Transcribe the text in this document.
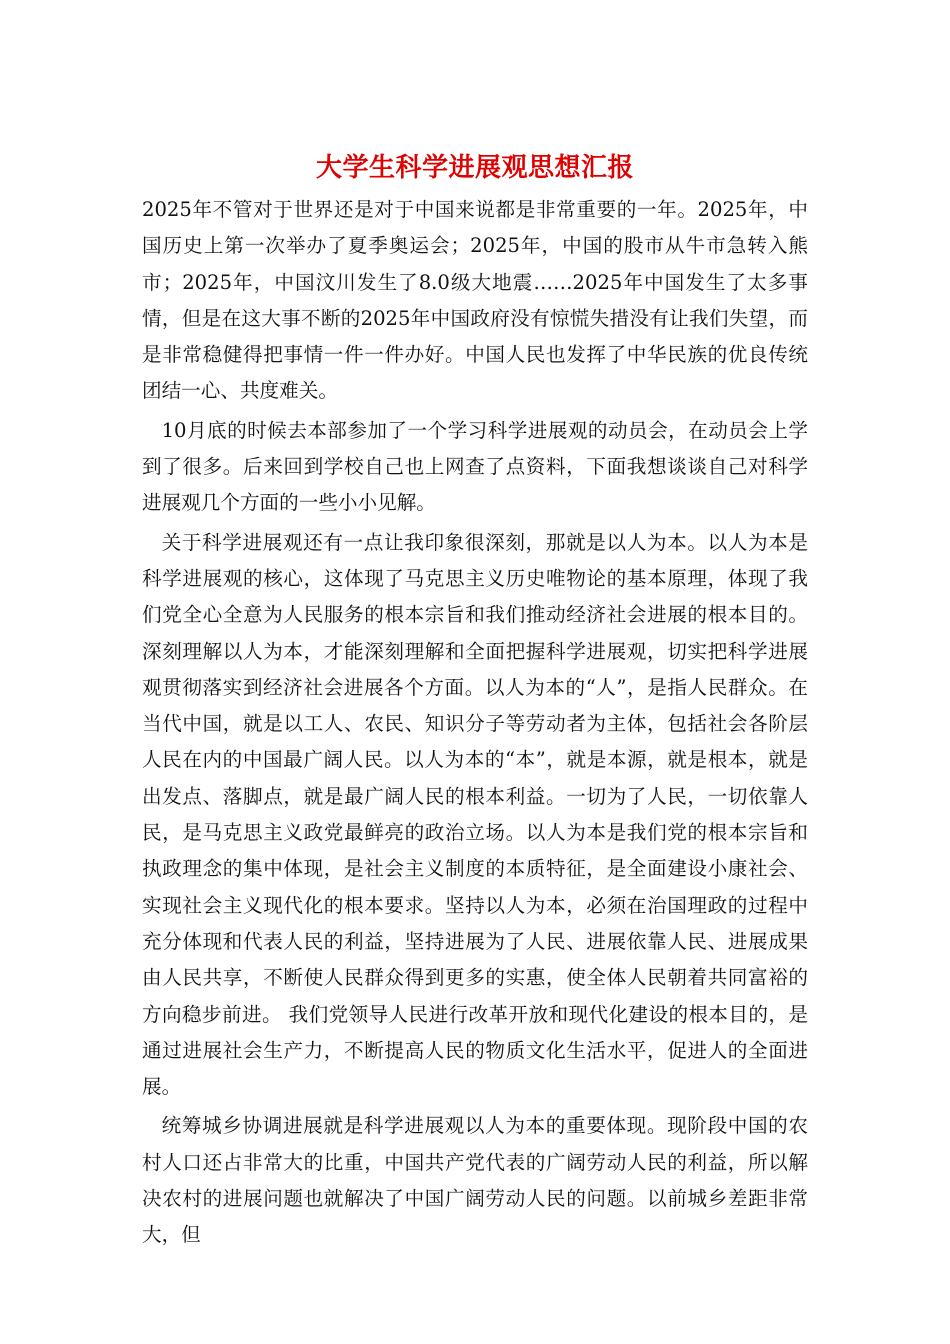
大学生科学进展观思想汇报

2025年不管对于世界还是对于中国来说都是非常重要的一年。2025年，中国历史上第一次举办了夏季奥运会；2025年，中国的股市从牛市急转入熊市；2025年，中国汶川发生了8.0级大地震……2025年中国发生了太多事情，但是在这大事不断的2025年中国政府没有惊慌失措没有让我们失望，而是非常稳健得把事情一件一件办好。中国人民也发挥了中华民族的优良传统团结一心、共度难关。

10月底的时候去本部参加了一个学习科学进展观的动员会，在动员会上学到了很多。后来回到学校自己也上网查了点资料，下面我想谈谈自己对科学进展观几个方面的一些小小见解。

关于科学进展观还有一点让我印象很深刻，那就是以人为本。以人为本是科学进展观的核心，这体现了马克思主义历史唯物论的基本原理，体现了我们党全心全意为人民服务的根本宗旨和我们推动经济社会进展的根本目的。深刻理解以人为本，才能深刻理解和全面把握科学进展观，切实把科学进展观贯彻落实到经济社会进展各个方面。以人为本的“人”，是指人民群众。在当代中国，就是以工人、农民、知识分子等劳动者为主体，包括社会各阶层人民在内的中国最广阔人民。以人为本的“本”，就是本源，就是根本，就是出发点、落脚点，就是最广阔人民的根本利益。一切为了人民，一切依靠人民，是马克思主义政党最鲜亮的政治立场。以人为本是我们党的根本宗旨和执政理念的集中体现，是社会主义制度的本质特征，是全面建设小康社会、实现社会主义现代化的根本要求。坚持以人为本，必须在治国理政的过程中充分体现和代表人民的利益，坚持进展为了人民、进展依靠人民、进展成果由人民共享，不断使人民群众得到更多的实惠，使全体人民朝着共同富裕的方向稳步前进。 我们党领导人民进行改革开放和现代化建设的根本目的，是通过进展社会生产力，不断提高人民的物质文化生活水平，促进人的全面进展。

统筹城乡协调进展就是科学进展观以人为本的重要体现。现阶段中国的农村人口还占非常大的比重，中国共产党代表的广阔劳动人民的利益，所以解决农村的进展问题也就解决了中国广阔劳动人民的问题。以前城乡差距非常大，但
